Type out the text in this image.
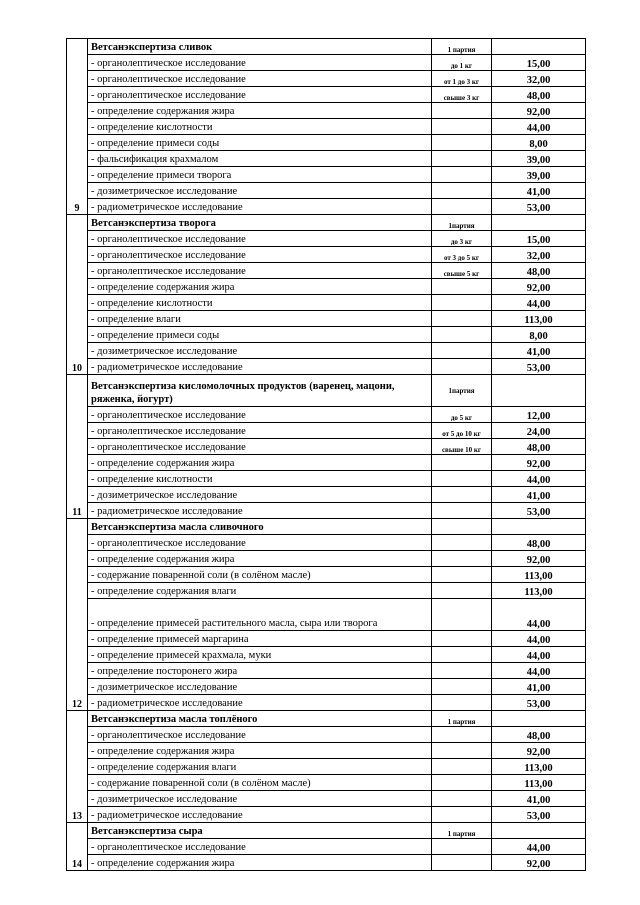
9	Ветсанэкспертиза сливок	1 партия	
	- органолептическое исследование	до 1 кг	15,00
	- органолептическое исследование	от 1 до 3 кг	32,00
	- органолептическое исследование	свыше 3 кг	48,00
	- определение содержания жира		92,00
	- определение кислотности		44,00
	- определение примеси соды		8,00
	- фальсификация крахмалом		39,00
	- определение примеси творога		39,00
	- дозиметрическое исследование		41,00
	- радиометрическое исследование		53,00
10	Ветсанэкспертиза творога	1партия	
	- органолептическое исследование	до 3 кг	15,00
	- органолептическое исследование	от 3 до 5 кг	32,00
	- органолептическое исследование	свыше 5 кг	48,00
	- определение содержания жира		92,00
	- определение кислотности		44,00
	- определение влаги		113,00
	- определение примеси соды		8,00
	- дозиметрическое исследование		41,00
	- радиометрическое исследование		53,00
11	Ветсанэкспертиза кисломолочных продуктов (варенец, мацони, ряженка, йогурт)	1партия	
	- органолептическое исследование	до 5 кг	12,00
	- органолептическое исследование	от 5 до 10 кг	24,00
	- органолептическое исследование	свыше 10 кг	48,00
	- определение содержания жира		92,00
	- определение кислотности		44,00
	- дозиметрическое исследование		41,00
	- радиометрическое исследование		53,00
12	Ветсанэкспертиза масла сливочного		
	- органолептическое исследование		48,00
	- определение содержания жира		92,00
	- содержание поваренной соли (в солёном масле)		113,00
	- определение содержания влаги		113,00
	- определение примесей растительного масла, сыра или творога		44,00
	- определение примесей маргарина		44,00
	- определение примесей крахмала, муки		44,00
	- определение посторонего жира		44,00
	- дозиметрическое исследование		41,00
	- радиометрическое исследование		53,00
13	Ветсанэкспертиза масла топлёного	1 партия	
	- органолептическое исследование		48,00
	- определение содержания жира		92,00
	- определение содержания влаги		113,00
	- содержание поваренной соли (в солёном масле)		113,00
	- дозиметрическое исследование		41,00
	- радиометрическое исследование		53,00
14	Ветсанэкспертиза сыра	1 партия	
	- органолептическое исследование		44,00
	- определение содержания жира		92,00
